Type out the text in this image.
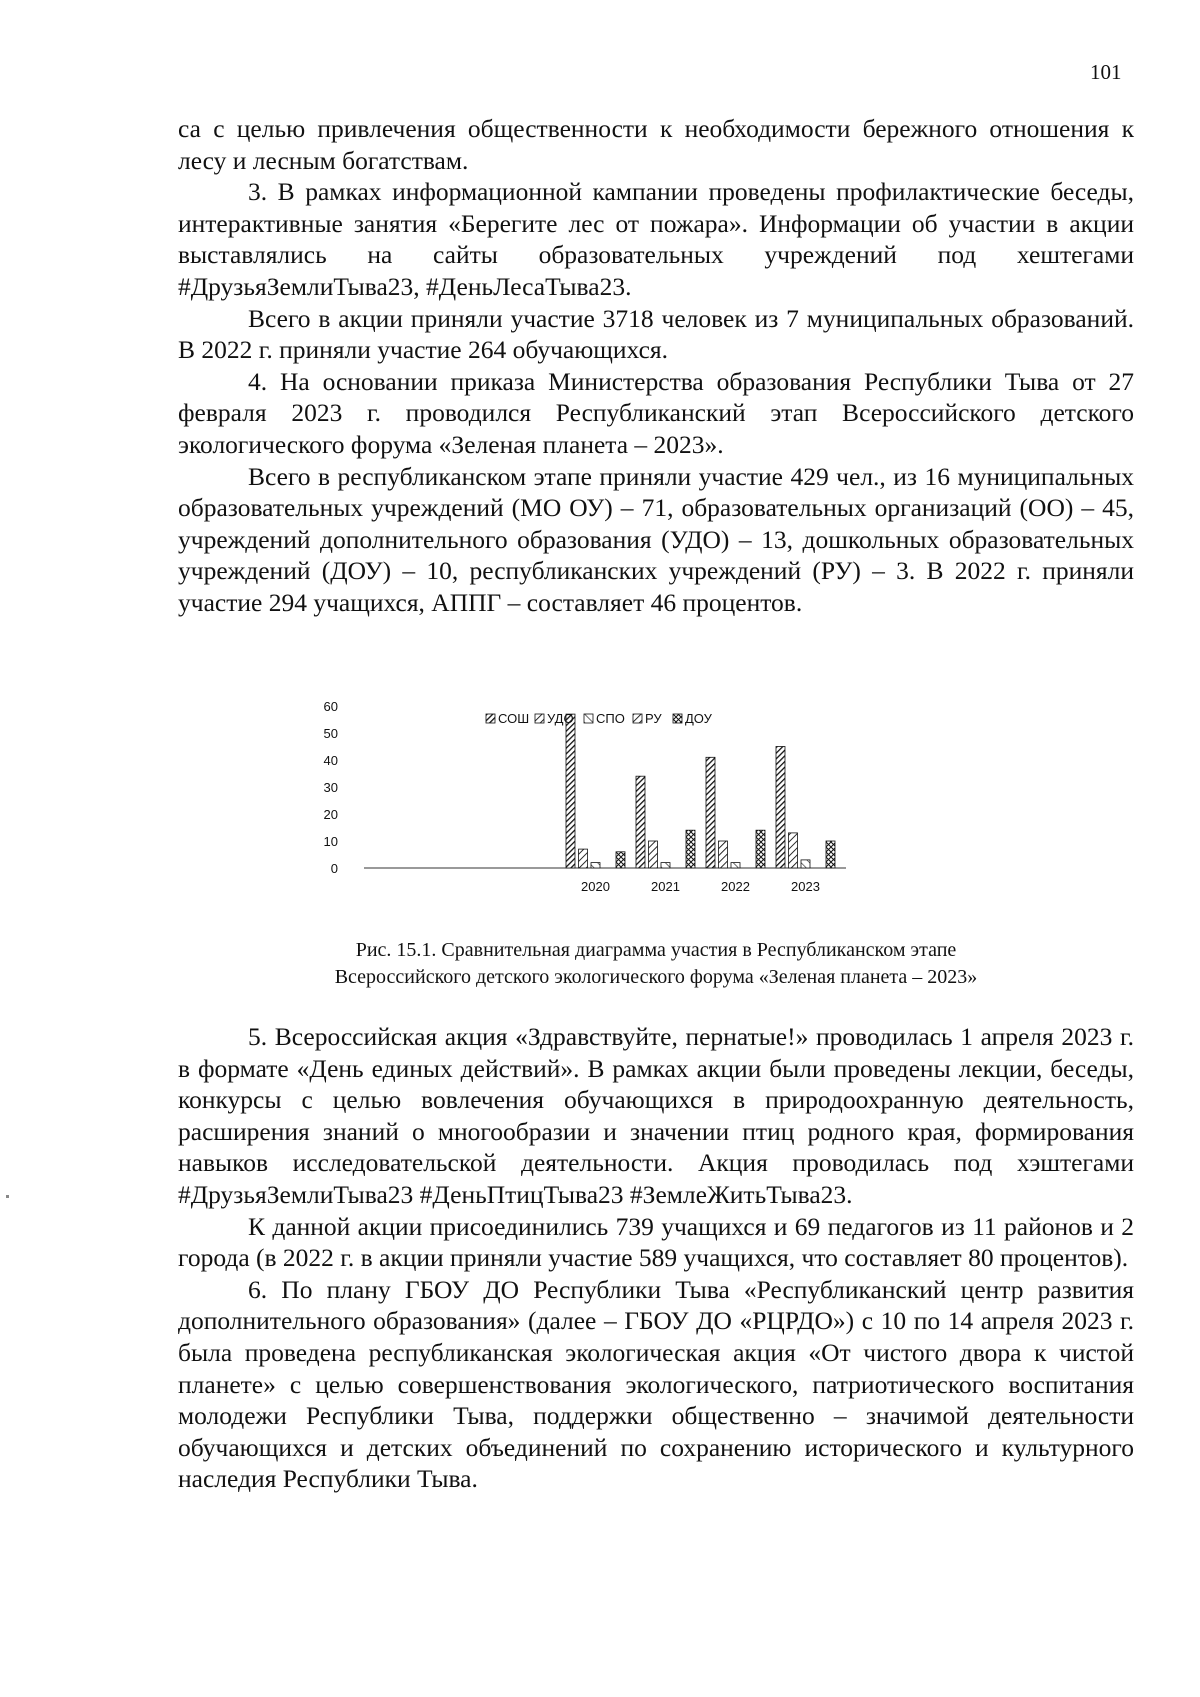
101

са с целью привлечения общественности к необходимости бережного отношения к лесу и лесным богатствам.

3. В рамках информационной кампании проведены профилактические беседы, интерактивные занятия «Берегите лес от пожара». Информации об участии в акции выставлялись на сайты образовательных учреждений под хештегами #ДрузьяЗемлиТыва23, #ДеньЛесаТыва23.

Всего в акции приняли участие 3718 человек из 7 муниципальных образований. В 2022 г. приняли участие 264 обучающихся.

4. На основании приказа Министерства образования Республики Тыва от 27 февраля 2023 г. проводился Республиканский этап Всероссийского детского экологического форума «Зеленая планета – 2023».

Всего в республиканском этапе приняли участие 429 чел., из 16 муниципальных образовательных учреждений (МО ОУ) – 71, образовательных организаций (ОО) – 45, учреждений дополнительного образования (УДО) – 13, дошкольных образовательных учреждений (ДОУ) – 10, республиканских учреждений (РУ) – 3. В 2022 г. приняли участие 294 учащихся, АППГ – составляет 46 процентов.

0
10
20
30
40
50
60
2020	2021	2022	2023
СОШ УДО СПО РУ ДОУ
Рис. 15.1. Сравнительная диаграмма участия в Республиканском этапе
Всероссийского детского экологического форума «Зеленая планета – 2023»

5. Всероссийская акция «Здравствуйте, пернатые!» проводилась 1 апреля 2023 г. в формате «День единых действий». В рамках акции были проведены лекции, беседы, конкурсы с целью вовлечения обучающихся в природоохранную деятельность, расширения знаний о многообразии и значении птиц родного края, формирования навыков исследовательской деятельности. Акция проводилась под хэштегами #ДрузьяЗемлиТыва23 #ДеньПтицТыва23 #ЗемлеЖитьТыва23.

К данной акции присоединились 739 учащихся и 69 педагогов из 11 районов и 2 города (в 2022 г. в акции приняли участие 589 учащихся, что составляет 80 процентов).

6. По плану ГБОУ ДО Республики Тыва «Республиканский центр развития дополнительного образования» (далее – ГБОУ ДО «РЦРДО») с 10 по 14 апреля 2023 г. была проведена республиканская экологическая акция «От чистого двора к чистой планете» с целью совершенствования экологического, патриотического воспитания молодежи Республики Тыва, поддержки общественно – значимой деятельности обучающихся и детских объединений по сохранению исторического и культурного наследия Республики Тыва.
